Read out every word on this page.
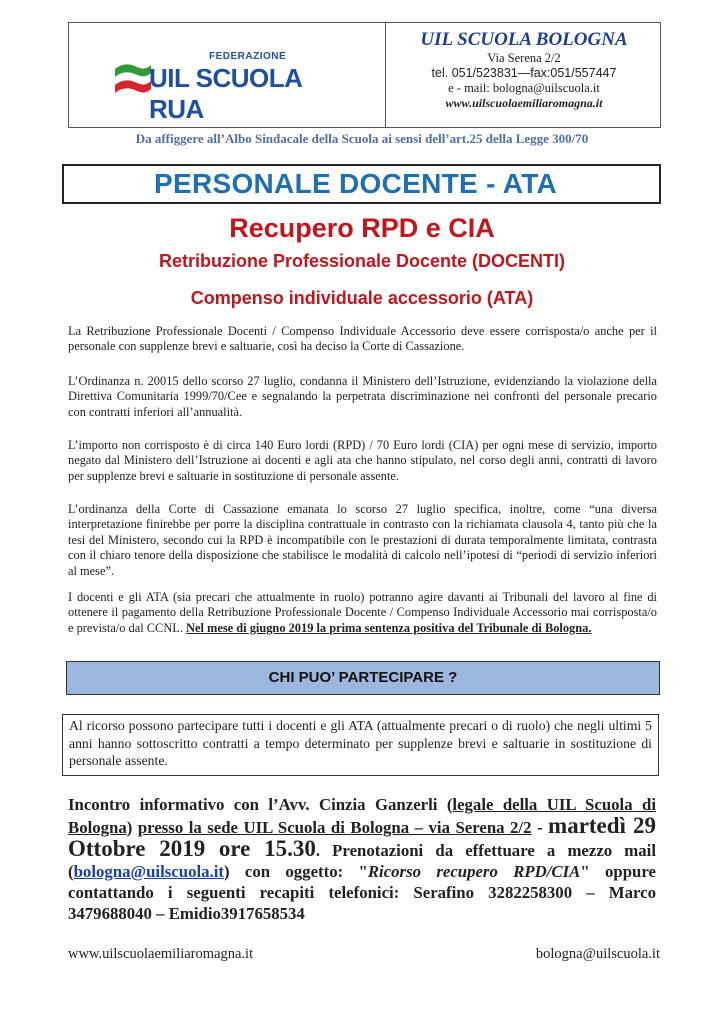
FEDERAZIONE
UIL SCUOLA RUA
UIL SCUOLA BOLOGNA
Via Serena 2/2
tel. 051/523831—fax:051/557447
e - mail: bologna@uilscuola.it
www.uilscuolaemiliaromagna.it
Da affiggere all’Albo Sindacale della Scuola ai sensi dell’art.25 della Legge 300/70
PERSONALE DOCENTE - ATA
Recupero RPD e CIA
Retribuzione Professionale Docente (DOCENTI)
Compenso individuale accessorio (ATA)

La Retribuzione Professionale Docenti / Compenso Individuale Accessorio deve essere corrisposta/o anche per il personale con supplenze brevi e saltuarie, così ha deciso la Corte di Cassazione.

L’Ordinanza n. 20015 dello scorso 27 luglio, condanna il Ministero dell’Istruzione, evidenziando la violazione della Direttiva Comunitaria 1999/70/Cee e segnalando la perpetrata discriminazione nei confronti del personale precario con contratti inferiori all’annualità.

L’importo non corrisposto è di circa 140 Euro lordi (RPD) / 70 Euro lordi (CIA) per ogni mese di servizio, importo negato dal Ministero dell’Istruzione ai docenti e agli ata che hanno stipulato, nel corso degli anni, contratti di lavoro per supplenze brevi e saltuarie in sostituzione di personale assente.

L’ordinanza della Corte di Cassazione emanata lo scorso 27 luglio specifica, inoltre, come “una diversa interpretazione finirebbe per porre la disciplina contrattuale in contrasto con la richiamata clausola 4, tanto più che la tesi del Ministero, secondo cui la RPD è incompatibile con le prestazioni di durata temporalmente limitata, contrasta con il chiaro tenore della disposizione che stabilisce le modalità di calcolo nell’ipotesi di “periodi di servizio inferiori al mese”.

I docenti e gli ATA (sia precari che attualmente in ruolo) potranno agire davanti ai Tribunali del lavoro al fine di ottenere il pagamento della Retribuzione Professionale Docente / Compenso Individuale Accessorio mai corrisposta/o e prevista/o dal CCNL. Nel mese di giugno 2019 la prima sentenza positiva del Tribunale di Bologna.

CHI PUO’ PARTECIPARE ?
Al ricorso possono partecipare tutti i docenti e gli ATA (attualmente precari o di ruolo) che negli ultimi 5 anni hanno sottoscritto contratti a tempo determinato per supplenze brevi e saltuarie in sostituzione di personale assente.
Incontro informativo con l’Avv. Cinzia Ganzerli (legale della UIL Scuola di Bologna) presso la sede UIL Scuola di Bologna – via Serena 2/2 - martedì 29 Ottobre 2019 ore 15.30. Prenotazioni da effettuare a mezzo mail (bologna@uilscuola.it) con oggetto: "Ricorso recupero RPD/CIA" oppure contattando i seguenti recapiti telefonici: Serafino 3282258300 – Marco 3479688040 – Emidio3917658534
www.uilscuolaemiliaromagna.it	bologna@uilscuola.it
